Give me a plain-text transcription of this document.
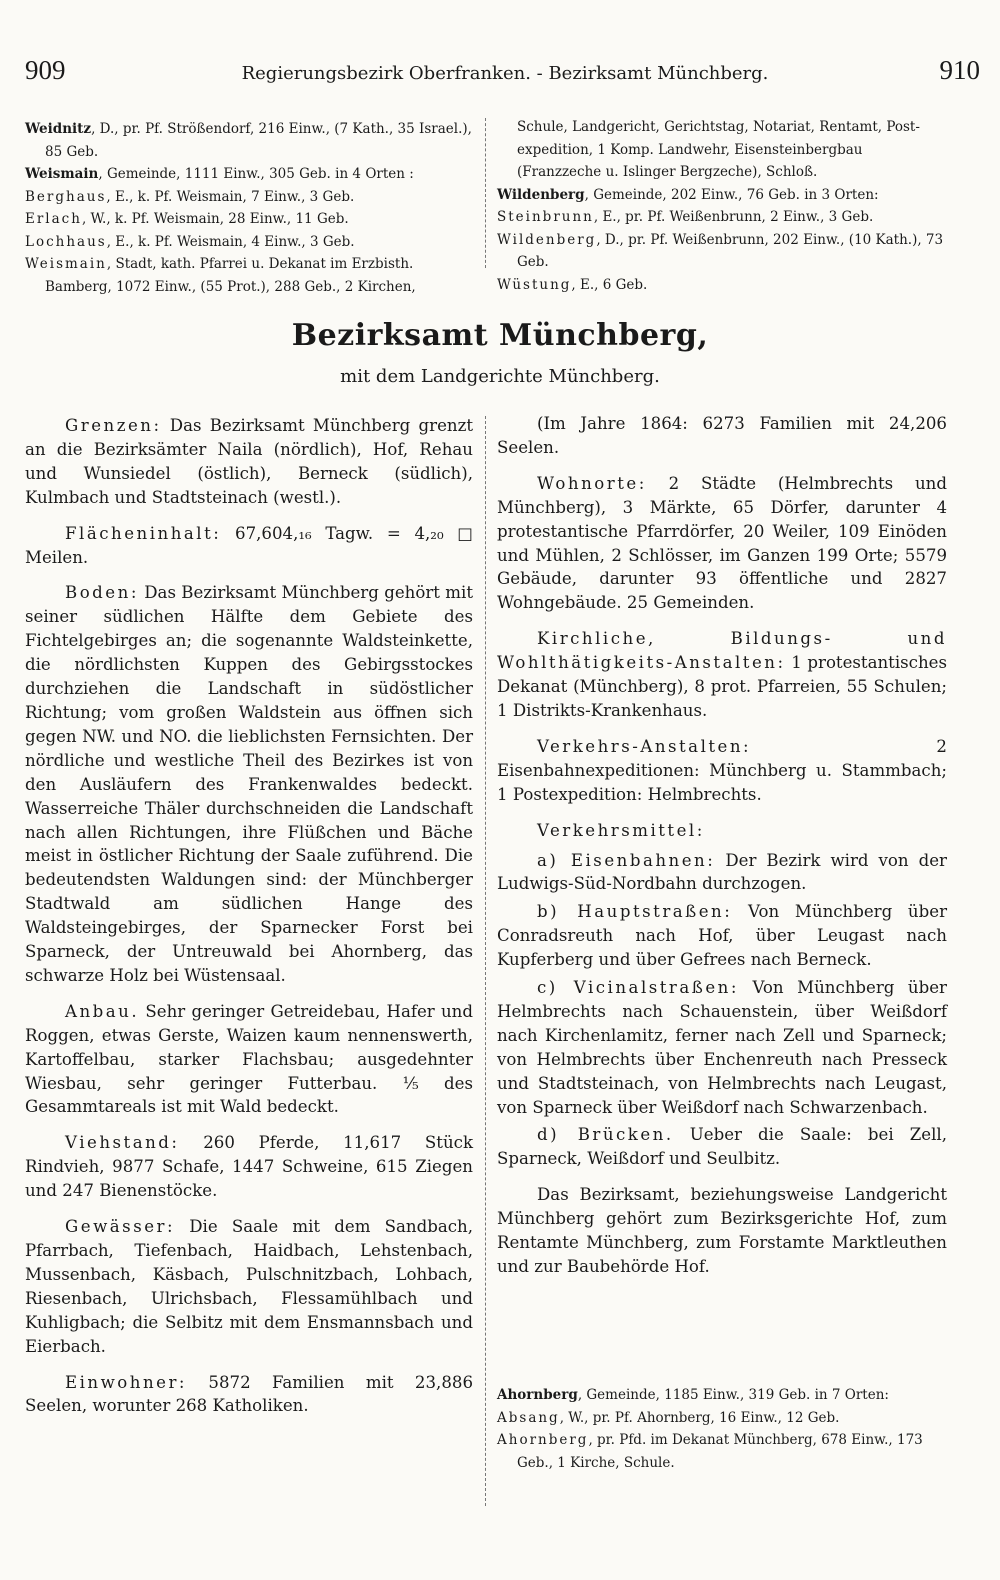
909	Regierungsbezirk Oberfranken. - Bezirksamt Münchberg.	910

Weidnitz, D., pr. Pf. Strößendorf, 216 Einw., (7 Kath., 35 Israel.), 85 Geb.

Weismain, Gemeinde, 1111 Einw., 305 Geb. in 4 Orten :

Berghaus, E., k. Pf. Weismain, 7 Einw., 3 Geb.

Erlach, W., k. Pf. Weismain, 28 Einw., 11 Geb.

Lochhaus, E., k. Pf. Weismain, 4 Einw., 3 Geb.

Weismain, Stadt, kath. Pfarrei u. Dekanat im Erzbisth. Bamberg, 1072 Einw., (55 Prot.), 288 Geb., 2 Kirchen,

Schule, Landgericht, Gerichtstag, Notariat, Rentamt, Post-expedition, 1 Komp. Landwehr, Eisensteinbergbau (Franzzeche u. Islinger Bergzeche), Schloß.

Wildenberg, Gemeinde, 202 Einw., 76 Geb. in 3 Orten:

Steinbrunn, E., pr. Pf. Weißenbrunn, 2 Einw., 3 Geb.

Wildenberg, D., pr. Pf. Weißenbrunn, 202 Einw., (10 Kath.), 73 Geb.

Wüstung, E., 6 Geb.

Bezirksamt Münchberg,
mit dem Landgerichte Münchberg.

Grenzen: Das Bezirksamt Münchberg grenzt an die Bezirksämter Naila (nördlich), Hof, Rehau und Wunsiedel (östlich), Berneck (südlich), Kulmbach und Stadtsteinach (westl.).

Flächeninhalt: 67,604,₁₆ Tagw. = 4,₂₀ □ Meilen.

Boden: Das Bezirksamt Münchberg gehört mit seiner südlichen Hälfte dem Gebiete des Fichtelgebirges an; die sogenannte Waldsteinkette, die nördlichsten Kuppen des Gebirgsstockes durchziehen die Landschaft in südöstlicher Richtung; vom großen Waldstein aus öffnen sich gegen NW. und NO. die lieblichsten Fernsichten. Der nördliche und westliche Theil des Bezirkes ist von den Ausläufern des Frankenwaldes bedeckt. Wasserreiche Thäler durchschneiden die Landschaft nach allen Richtungen, ihre Flüßchen und Bäche meist in östlicher Richtung der Saale zuführend. Die bedeutendsten Waldungen sind: der Münchberger Stadtwald am südlichen Hange des Waldsteingebirges, der Sparnecker Forst bei Sparneck, der Untreuwald bei Ahornberg, das schwarze Holz bei Wüstensaal.

Anbau. Sehr geringer Getreidebau, Hafer und Roggen, etwas Gerste, Waizen kaum nennenswerth, Kartoffelbau, starker Flachsbau; ausgedehnter Wiesbau, sehr geringer Futterbau. ⅕ des Gesammtareals ist mit Wald bedeckt.

Viehstand: 260 Pferde, 11,617 Stück Rindvieh, 9877 Schafe, 1447 Schweine, 615 Ziegen und 247 Bienenstöcke.

Gewässer: Die Saale mit dem Sandbach, Pfarrbach, Tiefenbach, Haidbach, Lehstenbach, Mussenbach, Käsbach, Pulschnitzbach, Lohbach, Riesenbach, Ulrichsbach, Flessamühlbach und Kuhligbach; die Selbitz mit dem Ensmannsbach und Eierbach.

Einwohner: 5872 Familien mit 23,886 Seelen, worunter 268 Katholiken.

(Im Jahre 1864: 6273 Familien mit 24,206 Seelen.

Wohnorte: 2 Städte (Helmbrechts und Münchberg), 3 Märkte, 65 Dörfer, darunter 4 protestantische Pfarrdörfer, 20 Weiler, 109 Einöden und Mühlen, 2 Schlösser, im Ganzen 199 Orte; 5579 Gebäude, darunter 93 öffentliche und 2827 Wohngebäude. 25 Gemeinden.

Kirchliche, Bildungs- und Wohlthätigkeits-Anstalten: 1 protestantisches Dekanat (Münchberg), 8 prot. Pfarreien, 55 Schulen; 1 Distrikts-Krankenhaus.

Verkehrs-Anstalten: 2 Eisenbahnexpeditionen: Münchberg u. Stammbach; 1 Postexpedition: Helmbrechts.

Verkehrsmittel:

a) Eisenbahnen: Der Bezirk wird von der Ludwigs-Süd-Nordbahn durchzogen.

b) Hauptstraßen: Von Münchberg über Conradsreuth nach Hof, über Leugast nach Kupferberg und über Gefrees nach Berneck.

c) Vicinalstraßen: Von Münchberg über Helmbrechts nach Schauenstein, über Weißdorf nach Kirchenlamitz, ferner nach Zell und Sparneck; von Helmbrechts über Enchenreuth nach Presseck und Stadtsteinach, von Helmbrechts nach Leugast, von Sparneck über Weißdorf nach Schwarzenbach.

d) Brücken. Ueber die Saale: bei Zell, Sparneck, Weißdorf und Seulbitz.

Das Bezirksamt, beziehungsweise Landgericht Münchberg gehört zum Bezirksgerichte Hof, zum Rentamte Münchberg, zum Forstamte Marktleuthen und zur Baubehörde Hof.

Ahornberg, Gemeinde, 1185 Einw., 319 Geb. in 7 Orten:

Absang, W., pr. Pf. Ahornberg, 16 Einw., 12 Geb.

Ahornberg, pr. Pfd. im Dekanat Münchberg, 678 Einw., 173 Geb., 1 Kirche, Schule.
